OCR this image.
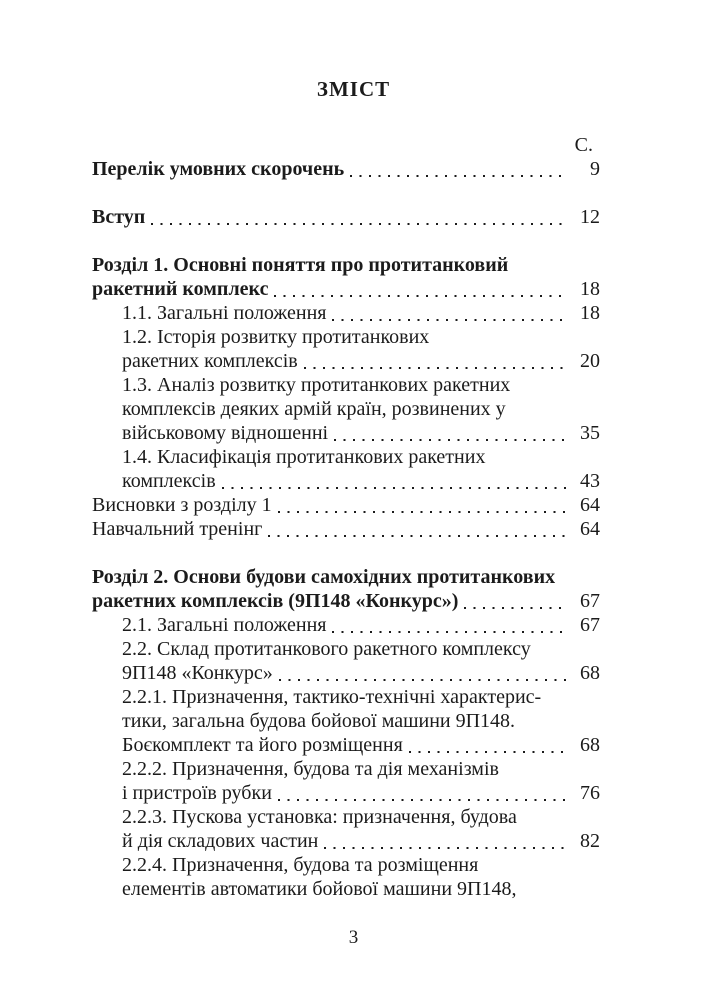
ЗМІСТ
С.
Перелік умовних скорочень	9
Вступ	12
Розділ 1. Основні поняття про протитанковий
ракетний комплекс	18
1.1. Загальні положення	18
1.2. Історія розвитку протитанкових
ракетних комплексів	20
1.3. Аналіз розвитку протитанкових ракетних
комплексів деяких армій країн, розвинених у
військовому відношенні	35
1.4. Класифікація протитанкових ракетних
комплексів	43
Висновки з розділу 1	64
Навчальний тренінг	64
Розділ 2. Основи будови самохідних протитанкових
ракетних комплексів (9П148 «Конкурс»)	67
2.1. Загальні положення	67
2.2. Склад протитанкового ракетного комплексу
9П148 «Конкурс»	68
2.2.1. Призначення, тактико-технічні характерис-
тики, загальна будова бойової машини 9П148.
Боєкомплект та його розміщення	68
2.2.2. Призначення, будова та дія механізмів
і пристроїв рубки	76
2.2.3. Пускова установка: призначення, будова
й дія складових частин	82
2.2.4. Призначення, будова та розміщення
елементів автоматики бойової машини 9П148,
3
